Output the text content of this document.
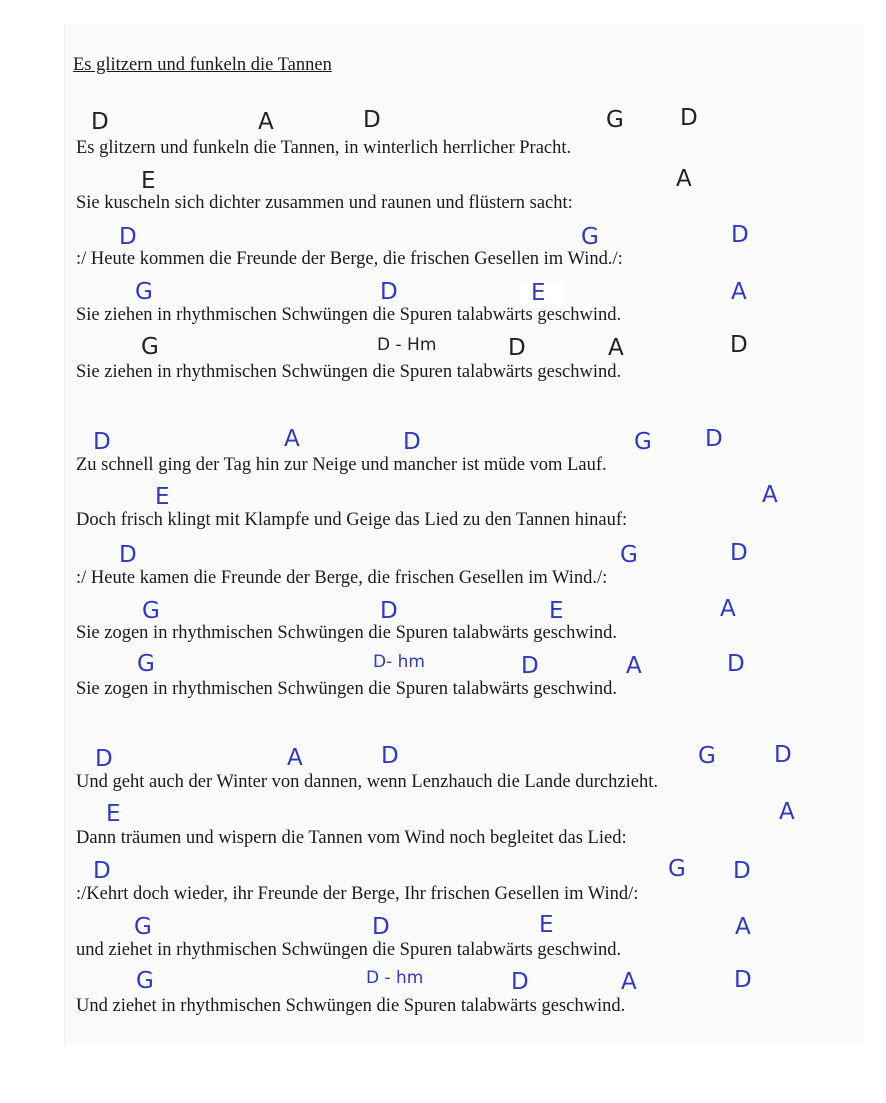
Es glitzern und funkeln die Tannen
D	A	D	G D
Es glitzern und funkeln die Tannen, in winterlich herrlicher Pracht.
E	A
Sie kuscheln sich dichter zusammen und raunen und flüstern sacht:
D	G	D
:/ Heute kommen die Freunde der Berge, die frischen Gesellen im Wind./:
G	D	E	A
Sie ziehen in rhythmischen Schwüngen die Spuren talabwärts geschwind.
G	D - Hm	D	A	D
Sie ziehen in rhythmischen Schwüngen die Spuren talabwärts geschwind.
D	A	D	G D
Zu schnell ging der Tag hin zur Neige und mancher ist müde vom Lauf.
E	A
Doch frisch klingt mit Klampfe und Geige das Lied zu den Tannen hinauf:
D	G	D
:/ Heute kamen die Freunde der Berge, die frischen Gesellen im Wind./:
G	D	E	A
Sie zogen in rhythmischen Schwüngen die Spuren talabwärts geschwind.
G	D- hm	D	A	D
Sie zogen in rhythmischen Schwüngen die Spuren talabwärts geschwind.
D	A	D	G	D
Und geht auch der Winter von dannen, wenn Lenzhauch die Lande durchzieht.
E	A
Dann träumen und wispern die Tannen vom Wind noch begleitet das Lied:
D	G D
:/Kehrt doch wieder, ihr Freunde der Berge, Ihr frischen Gesellen im Wind/:
G	D	E	A
und ziehet in rhythmischen Schwüngen die Spuren talabwärts geschwind.
G	D - hm	D	A	D
Und ziehet in rhythmischen Schwüngen die Spuren talabwärts geschwind.
